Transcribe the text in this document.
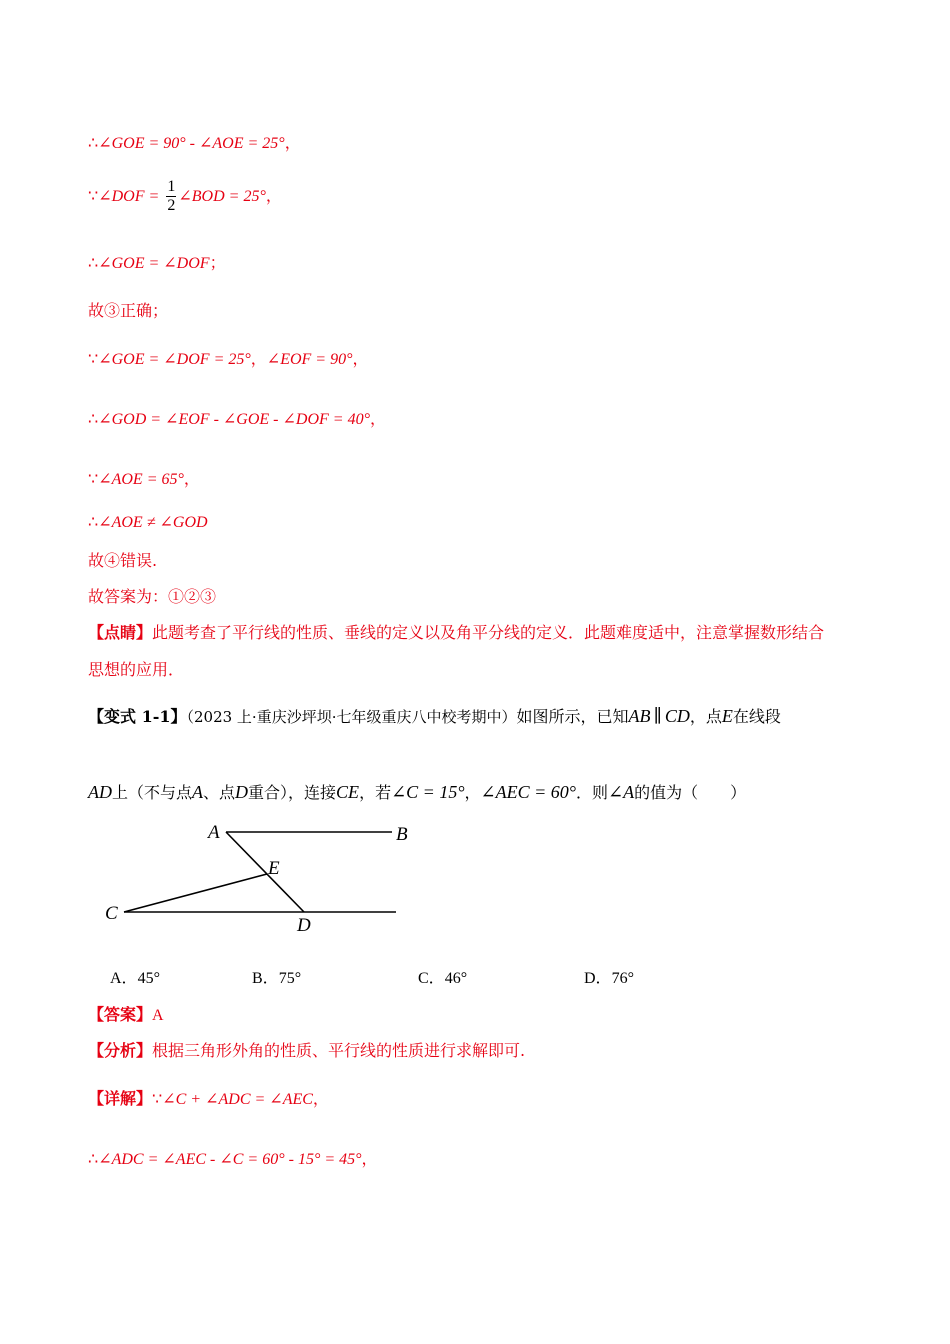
∴∠GOE = 90° - ∠AOE = 25°，
∵∠DOF = $\frac{1}{2}$ ∠BOD = 25°，
∴∠GOE = ∠DOF；
故③正确；
∵∠GOE = ∠DOF = 25°，∠EOF = 90°，
∴∠GOD = ∠EOF - ∠GOE - ∠DOF = 40°，
∵∠AOE = 65°，
∴∠AOE ≠ ∠GOD
故④错误.
故答案为：①②③
【点睛】此题考查了平行线的性质、垂线的定义以及角平分线的定义．此题难度适中，注意掌握数形结合
思想的应用．
【变式 1-1】（2023 上·重庆沙坪坝·七年级重庆八中校考期中）如图所示，已知AB ∥ CD，点E在线段
AD上（不与点A、点D重合），连接CE，若∠C = 15°，∠AEC = 60°．则∠A的值为（　　）
A	B
C
D
E
A．45°	B．75°	C．46°	D．76°
【答案】A
【分析】根据三角形外角的性质、平行线的性质进行求解即可.
【详解】∵∠C + ∠ADC = ∠AEC，
∴∠ADC = ∠AEC - ∠C = 60° - 15° = 45°，
